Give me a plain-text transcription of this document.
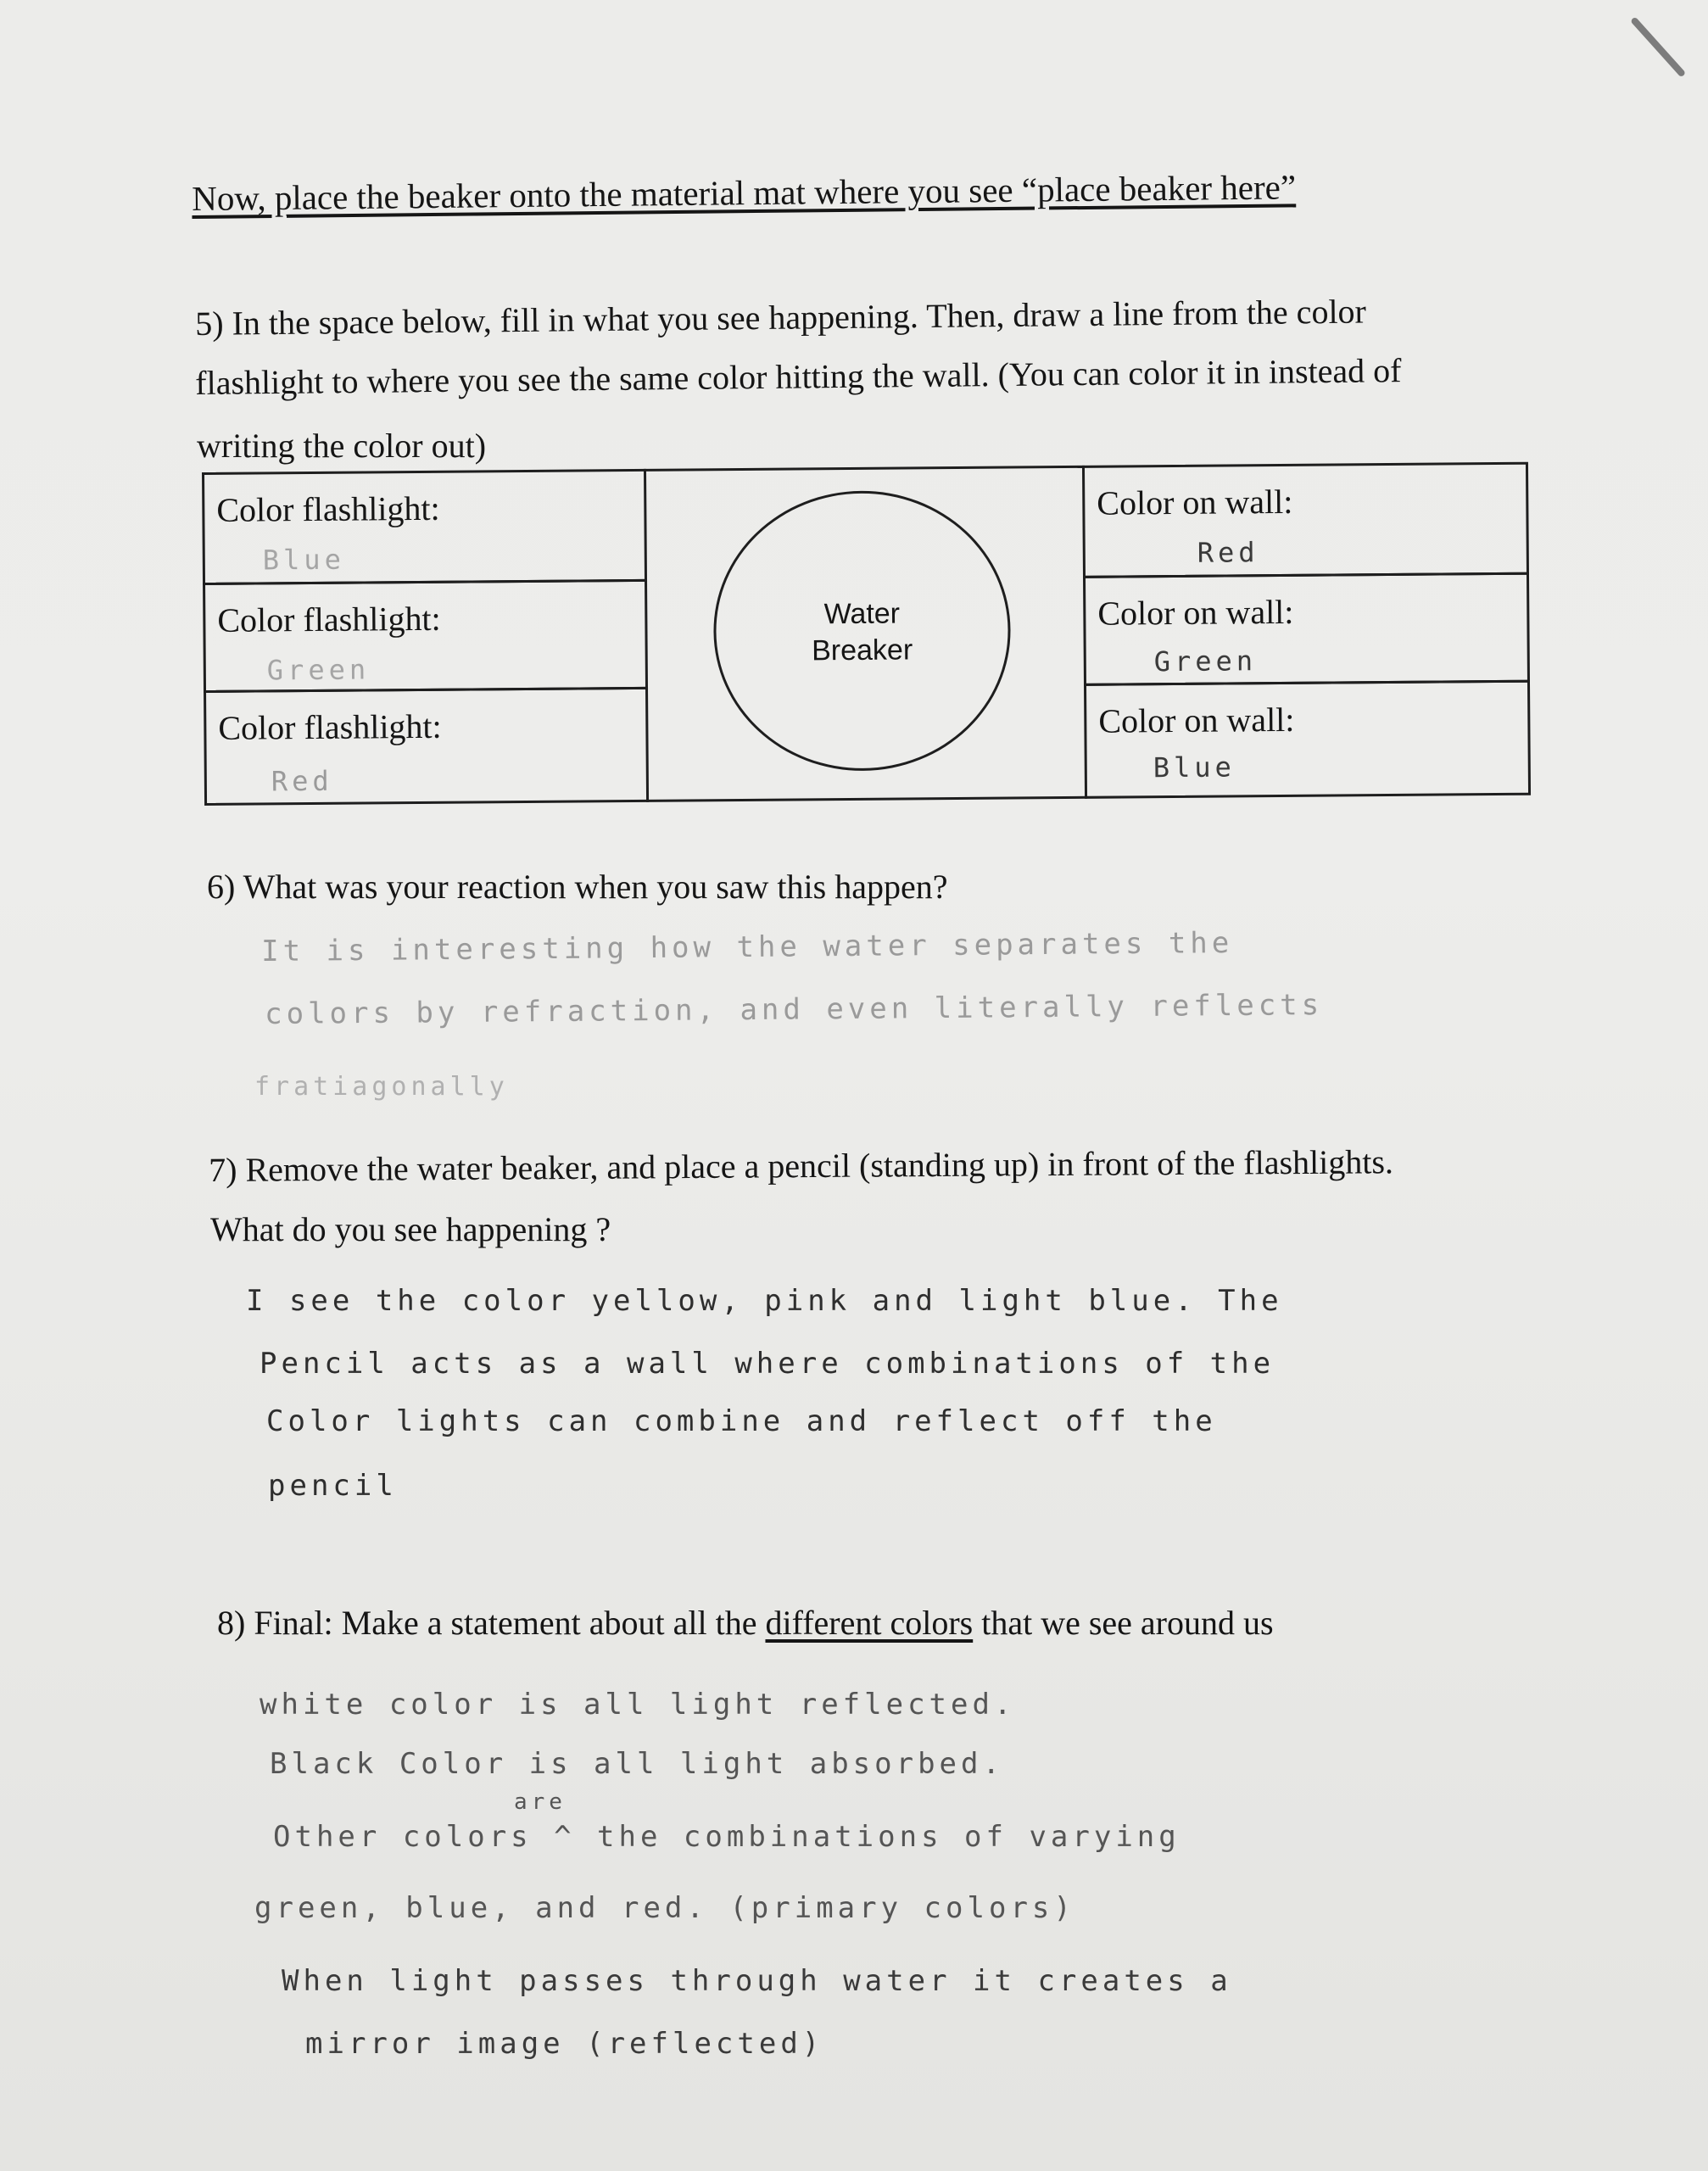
Now, place the beaker onto the material mat where you see “place beaker here”
5) In the space below, fill in what you see happening. Then, draw a line from the color
flashlight to where you see the same color hitting the wall. (You can color it in instead of
writing the color out)
Color flashlight:
Blue
Color flashlight:
Green
Color flashlight:
Red
Water
Breaker
Color on wall:
Red
Color on wall:
Green
Color on wall:
Blue
6) What was your reaction when you saw this happen?
It is interesting how the water separates the
colors by refraction, and even literally reflects
fratiagonally
7) Remove the water beaker, and place a pencil (standing up) in front of the flashlights.
What do you see happening ?
I see the color yellow, pink and light blue. The
Pencil acts as a wall where combinations of the
Color lights can combine and reflect off the
pencil
8) Final: Make a statement about all the different colors that we see around us
white color is all light reflected.
Black Color is all light absorbed.
are
Other colors ^ the combinations of varying
green, blue, and red. (primary colors)
When light passes through water it creates a
mirror image (reflected)
